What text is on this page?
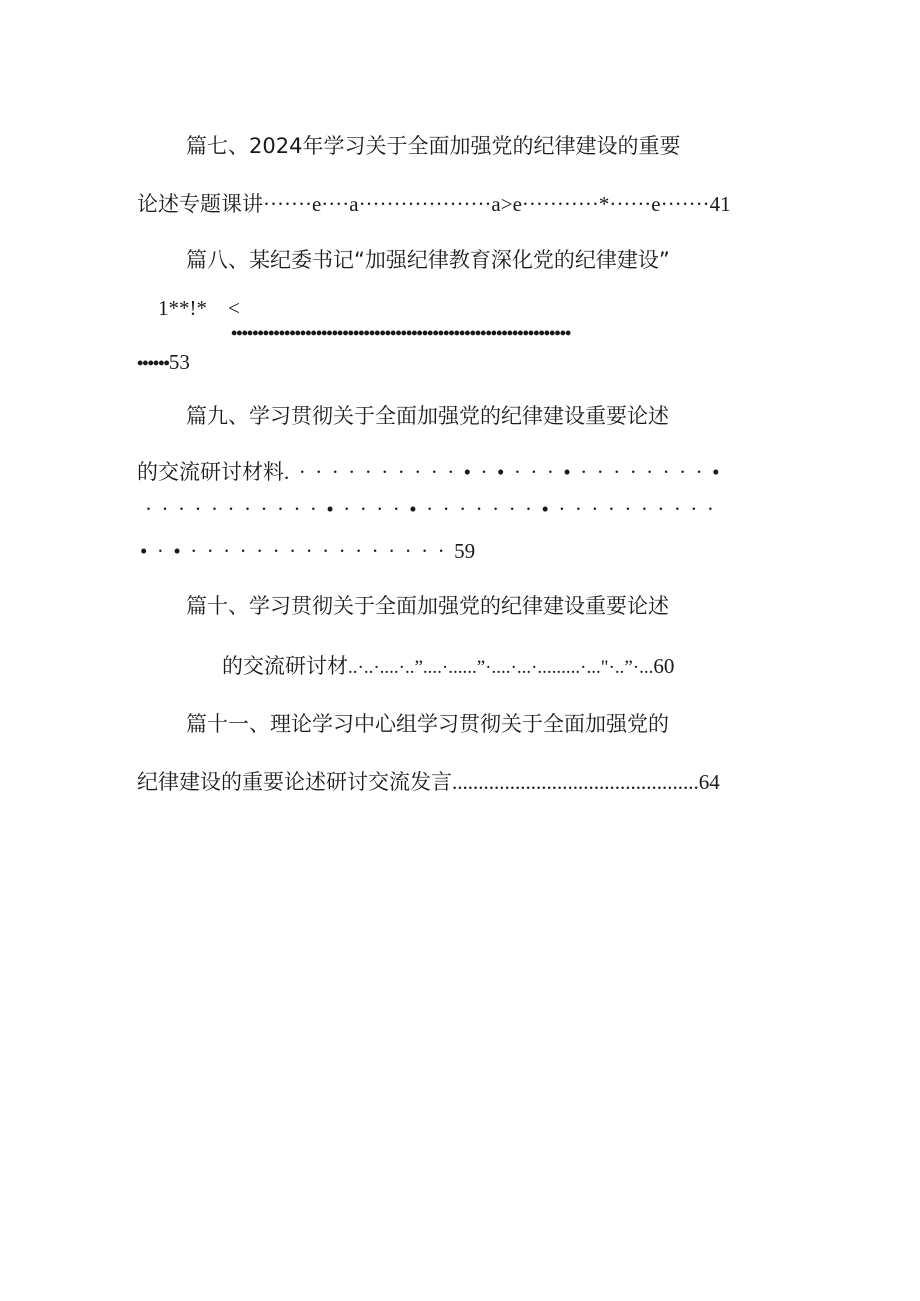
篇七、2024年学习关于全面加强党的纪律建设的重要
论述专题课讲·······e····a···················a>e···········*······e·······41
篇八、某纪委书记“加强纪律教育深化党的纪律建设”
1**!*　<
••••••••••••••••••••••••••••••••••••••••••••••••••••••••••••••••
••••••53
篇九、学习贯彻关于全面加强党的纪律建设重要论述
的交流研讨材料.··········•·•···•········•
···········•····•·······•··········
•·•················59
篇十、学习贯彻关于全面加强党的纪律建设重要论述
的交流研讨材..·..·....·..”....·......”·....·...·.........·..."·..”·...60
篇十一、理论学习中心组学习贯彻关于全面加强党的
纪律建设的重要论述研讨交流发言...............................................64
